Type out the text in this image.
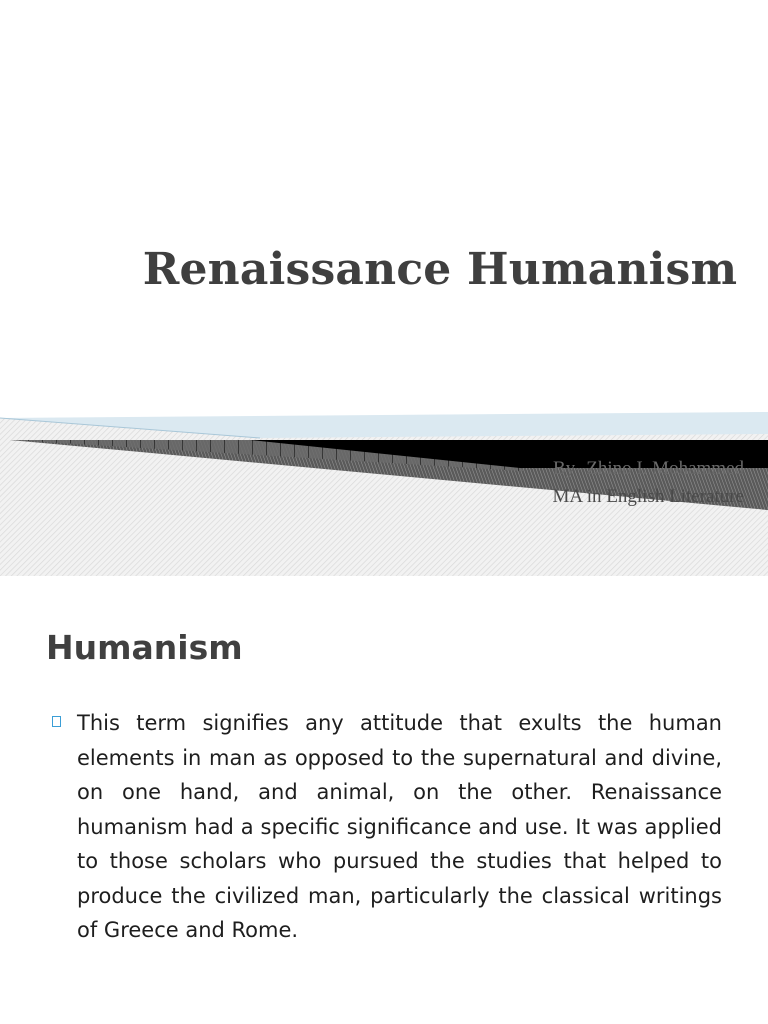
Renaissance Humanism
By- Zhino I. Mohammed
MA in English Literature
Humanism

This term signifies any attitude that exults the human elements in man as opposed to the supernatural and divine, on one hand, and animal, on the other. Renaissance humanism had a specific significance and use. It was applied to those scholars who pursued the studies that helped to produce the civilized man, particularly the classical writings of Greece and Rome.
